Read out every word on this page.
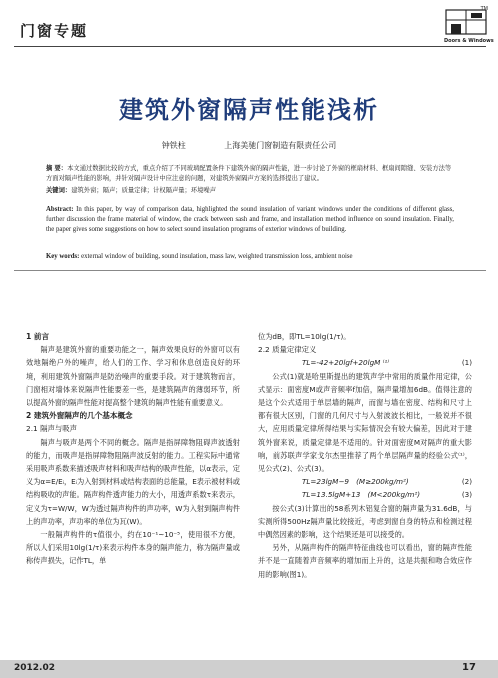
门窗专题
TM
Doors & Windows
建筑外窗隔声性能浅析
钟铁柱	上海美驰门窗制造有限责任公司
摘 要：本文通过数据比较的方式，重点介绍了不同玻璃配置条件下建筑外窗的隔声性能，进一步讨论了外窗的框扇材料、框扇间隙缝、安装方法等方面对隔声性能的影响，并针对隔声设计中应注意的问题，对建筑外窗隔声方案的选择提出了建议。
关键词：建筑外窗；隔声；质量定律；计权隔声量；环境噪声
Abstract: In this paper, by way of comparison data, highlighted the sound insulation of variant windows under the conditions of different glass, further discussion the frame material of window, the crack between sash and frame, and installation method influence on sound insulation. Finally, the paper gives some suggestions on how to select sound insulation programs of exterior windows of building.
Key words: external window of building, sound insulation, mass law, weighted transmission loss, ambient noise

1 前言

隔声是建筑外窗的重要功能之一，隔声效果良好的外窗可以有效地隔绝户外的噪声，给人们的工作、学习和休息创造良好的环境，利用建筑外窗隔声是防治噪声的重要手段。对于建筑物而言，门窗相对墙体来说隔声性能要差一些，是建筑隔声的薄弱环节，所以提高外窗的隔声性能对提高整个建筑的隔声性能有重要意义。

2 建筑外窗隔声的几个基本概念

2.1 隔声与吸声

隔声与吸声是两个不同的概念。隔声是指屏障物阻碍声波透射的能力，而吸声是指屏障物阻隔声波反射的能力。工程实际中通常采用吸声系数来描述吸声材料和吸声结构的吸声性能，以α表示，定义为α=E/Eᵢ，Eᵢ为入射到材料或结构表面的总能量，E表示被材料或结构吸收的声能。隔声构件透声能力的大小，用透声系数τ来表示，定义为τ=W/W，W为透过隔声构件的声功率，W为入射到隔声构件上的声功率，声功率的单位为瓦(W)。

一般隔声构件的τ值很小，约在10⁻¹~10⁻⁵，使用很不方便，所以人们采用10lg(1/τ)来表示构件本身的隔声能力，称为隔声量或称传声损失，记作TL，单

位为dB，即TL=10lg(1/τ)。

2.2 质量定律定义

TL=-42+20lgf+20lgM ⁽¹⁾	(1)

公式(1)就是哈里斯提出的建筑声学中常用的质量作用定律，公式显示：面密度M或声音频率f加倍，隔声量增加6dB。值得注意的是这个公式适用于单层墙的隔声，而窗与墙在密度、结构和尺寸上都有很大区别，门窗的几何尺寸与入射波波长相比，一般说并不很大，应用质量定律所得结果与实际情况会有较大偏差，因此对于建筑外窗来说，质量定律是不适用的。针对面密度M对隔声的重大影响，前苏联声学家戈尔杰里推荐了两个单层隔声量的经验公式⁽¹⁾，见公式(2)、公式(3)。

TL=23lgM−9　(M≥200kg/m²)	(2)

TL=13.5lgM+13　(M<200kg/m²)	(3)

按公式(3)计算出的58系列木铝复合窗的隔声量为31.6dB，与实测所得500Hz隔声量比较接近，考虑到窗自身的特点和检测过程中偶然因素的影响，这个结果还是可以接受的。

另外，从隔声构件的隔声特征曲线也可以看出，窗的隔声性能并不是一直随着声音频率的增加而上升的，这是共振和吻合效应作用的影响(图1)。

2012.02	17
